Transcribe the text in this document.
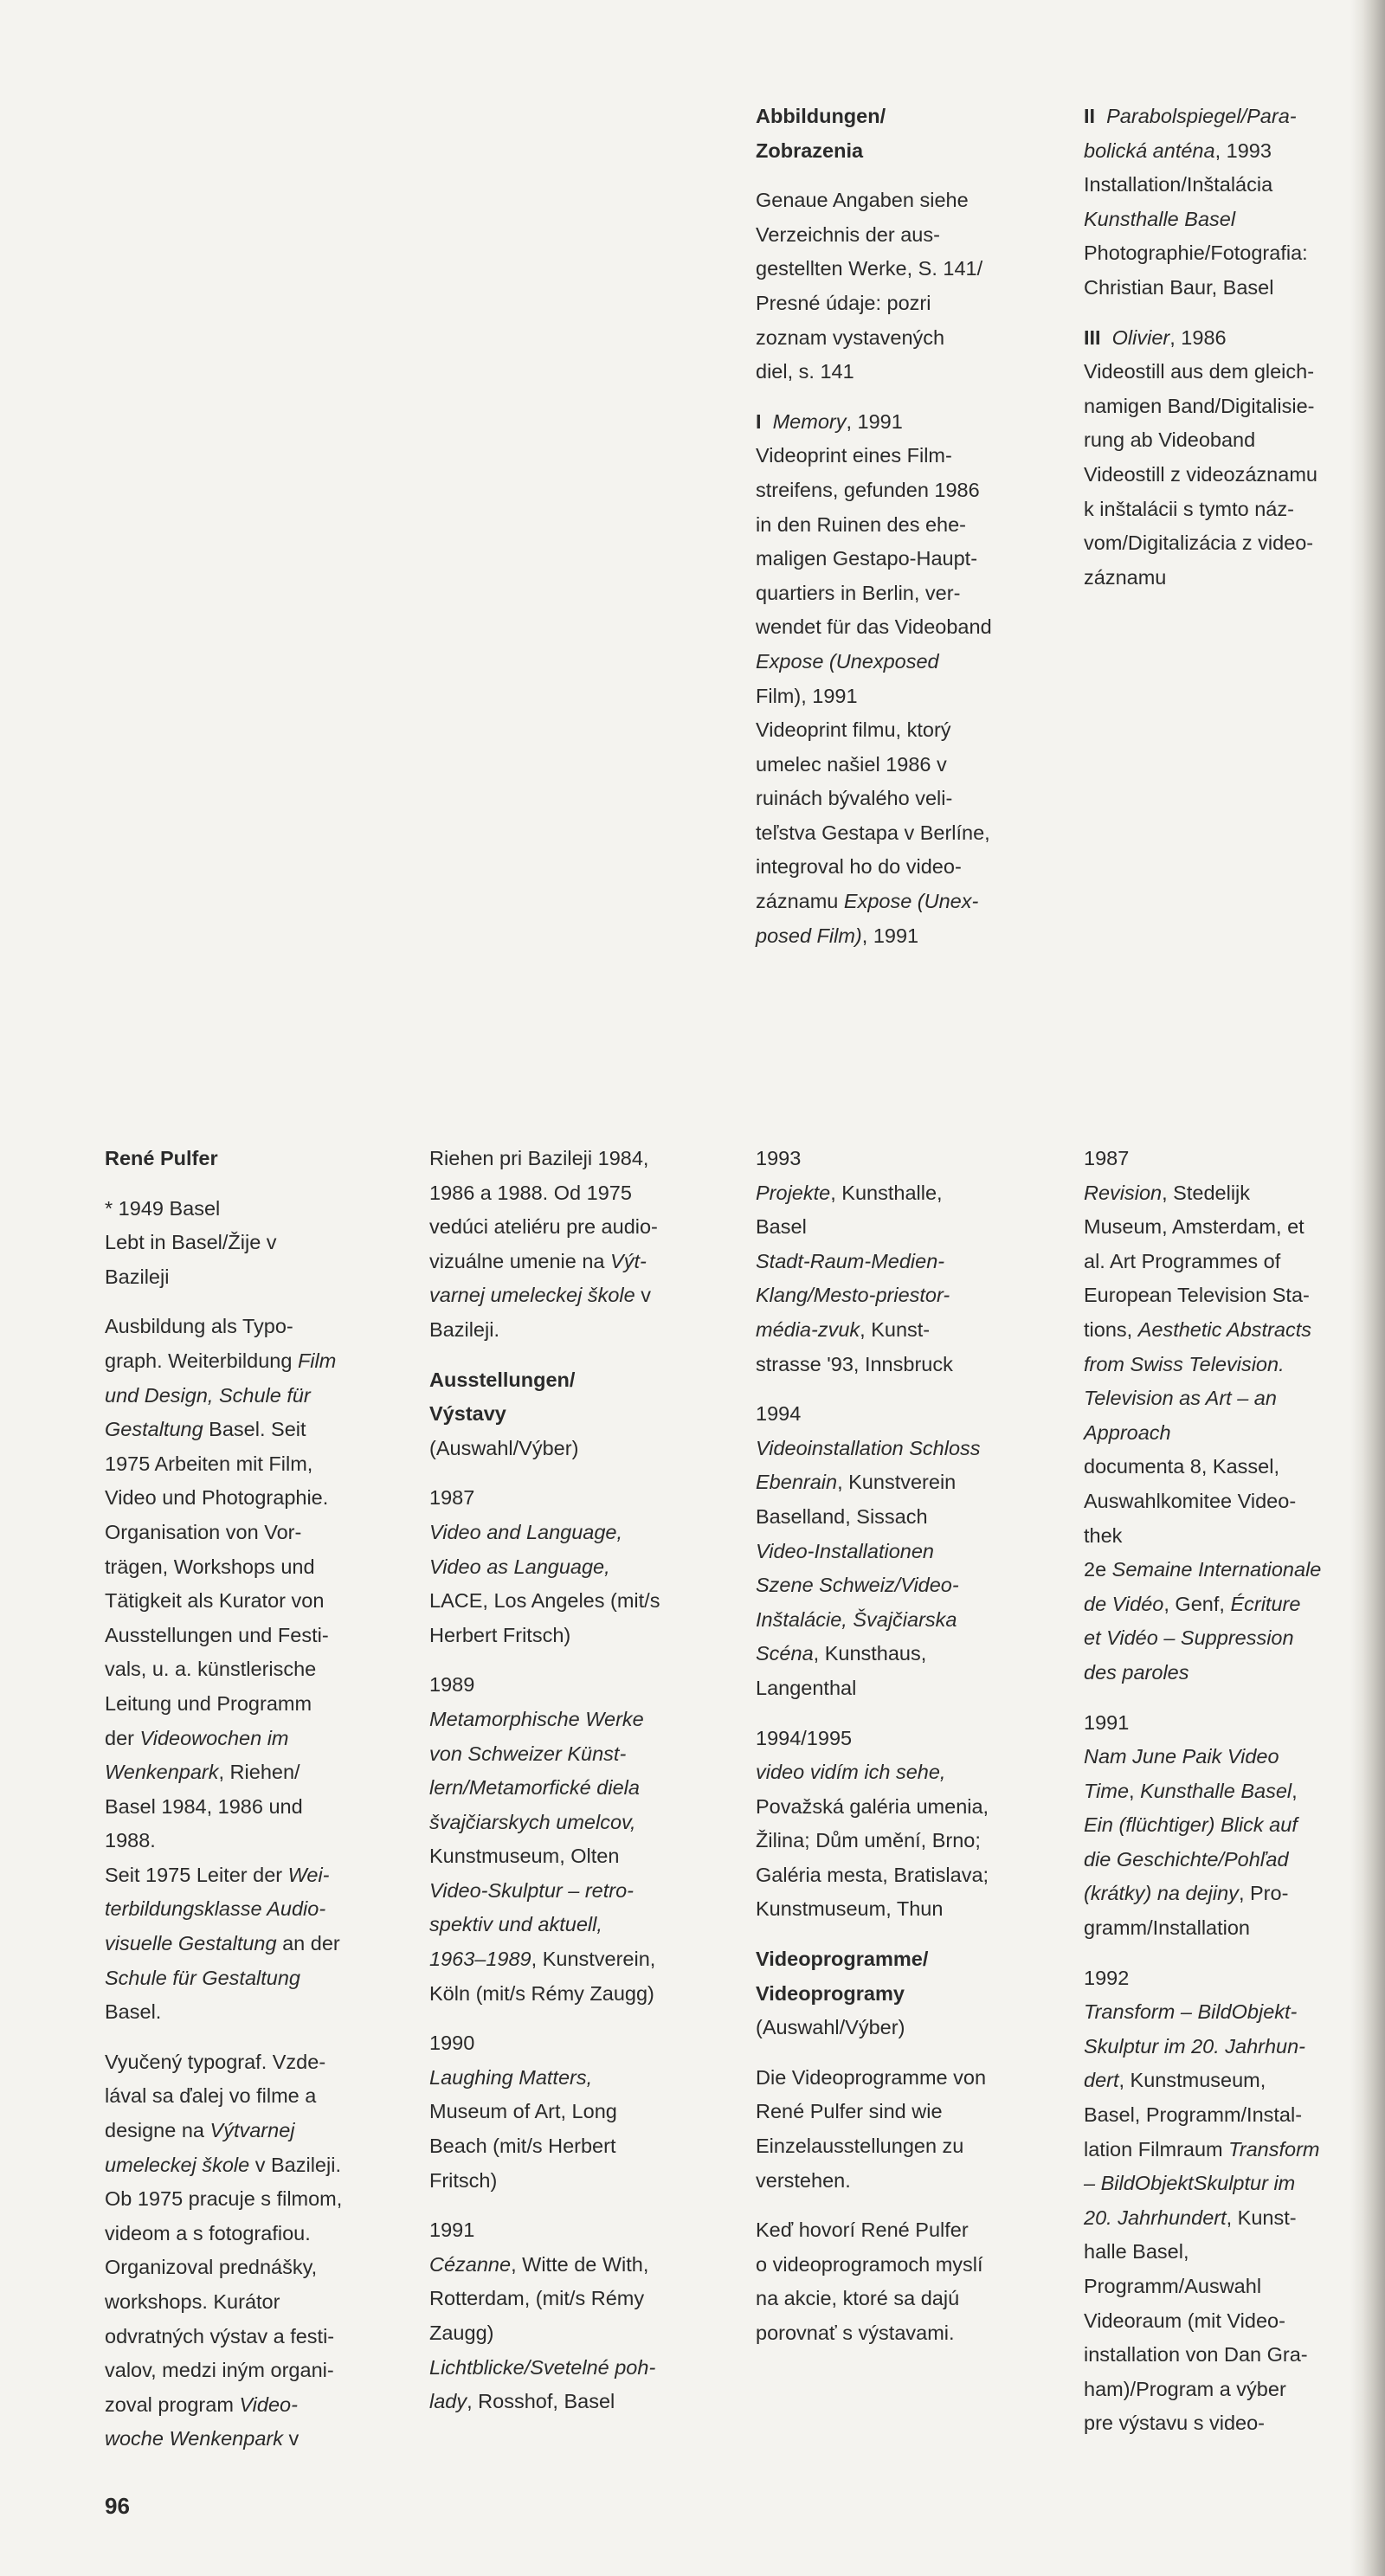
Abbildungen/
Zobrazenia

Genaue Angaben siehe
Verzeichnis der aus-
gestellten Werke, S. 141/
Presné údaje: pozri
zoznam vystavených
diel, s. 141

I Memory, 1991
Videoprint eines Film-
streifens, gefunden 1986
in den Ruinen des ehe-
maligen Gestapo-Haupt-
quartiers in Berlin, ver-
wendet für das Videoband
Expose (Unexposed
Film), 1991
Videoprint filmu, ktorý
umelec našiel 1986 v
ruinách bývalého veli-
teľstva Gestapa v Berlíne,
integroval ho do video-
záznamu Expose (Unex-
posed Film), 1991

II Parabolspiegel/Para-
bolická anténa, 1993
Installation/Inštalácia
Kunsthalle Basel
Photographie/Fotografia:
Christian Baur, Basel

III Olivier, 1986
Videostill aus dem gleich-
namigen Band/Digitalisie-
rung ab Videoband
Videostill z videozáznamu
k inštalácii s tymto náz-
vom/Digitalizácia z video-
záznamu

René Pulfer

* 1949 Basel
Lebt in Basel/Žije v
Bazileji

Ausbildung als Typo-
graph. Weiterbildung Film
und Design, Schule für
Gestaltung Basel. Seit
1975 Arbeiten mit Film,
Video und Photographie.
Organisation von Vor-
trägen, Workshops und
Tätigkeit als Kurator von
Ausstellungen und Festi-
vals, u. a. künstlerische
Leitung und Programm
der Videowochen im
Wenkenpark, Riehen/
Basel 1984, 1986 und
1988.
Seit 1975 Leiter der Wei-
terbildungsklasse Audio-
visuelle Gestaltung an der
Schule für Gestaltung
Basel.

Vyučený typograf. Vzde-
lával sa ďalej vo filme a
designe na Výtvarnej
umeleckej škole v Bazileji.
Ob 1975 pracuje s filmom,
videom a s fotografiou.
Organizoval prednášky,
workshops. Kurátor
odvratných výstav a festi-
valov, medzi iným organi-
zoval program Video-
woche Wenkenpark v

Riehen pri Bazileji 1984,
1986 a 1988. Od 1975
vedúci ateliéru pre audio-
vizuálne umenie na Výt-
varnej umeleckej škole v
Bazileji.

Ausstellungen/
Výstavy

(Auswahl/Výber)

1987
Video and Language,
Video as Language,
LACE, Los Angeles (mit/s
Herbert Fritsch)

1989
Metamorphische Werke
von Schweizer Künst-
lern/Metamorfické diela
švajčiarskych umelcov,
Kunstmuseum, Olten
Video-Skulptur – retro-
spektiv und aktuell,
1963–1989, Kunstverein,
Köln (mit/s Rémy Zaugg)

1990
Laughing Matters,
Museum of Art, Long
Beach (mit/s Herbert
Fritsch)

1991
Cézanne, Witte de With,
Rotterdam, (mit/s Rémy
Zaugg)
Lichtblicke/Svetelné poh-
lady, Rosshof, Basel

1993
Projekte, Kunsthalle,
Basel
Stadt-Raum-Medien-
Klang/Mesto-priestor-
média-zvuk, Kunst-
strasse '93, Innsbruck

1994
Videoinstallation Schloss
Ebenrain, Kunstverein
Baselland, Sissach
Video-Installationen
Szene Schweiz/Video-
Inštalácie, Švajčiarska
Scéna, Kunsthaus,
Langenthal

1994/1995
video vidím ich sehe,
Považská galéria umenia,
Žilina; Dům umění, Brno;
Galéria mesta, Bratislava;
Kunstmuseum, Thun

Videoprogramme/
Videoprogramy

(Auswahl/Výber)

Die Videoprogramme von
René Pulfer sind wie
Einzelausstellungen zu
verstehen.

Keď hovorí René Pulfer
o videoprogramoch myslí
na akcie, ktoré sa dajú
porovnať s výstavami.

1987
Revision, Stedelijk
Museum, Amsterdam, et
al. Art Programmes of
European Television Sta-
tions, Aesthetic Abstracts
from Swiss Television.
Television as Art – an
Approach
documenta 8, Kassel,
Auswahlkomitee Video-
thek
2e Semaine Internationale
de Vidéo, Genf, Écriture
et Vidéo – Suppression
des paroles

1991
Nam June Paik Video
Time, Kunsthalle Basel,
Ein (flüchtiger) Blick auf
die Geschichte/Pohľad
(krátky) na dejiny, Pro-
gramm/Installation

1992
Transform – BildObjekt-
Skulptur im 20. Jahrhun-
dert, Kunstmuseum,
Basel, Programm/Instal-
lation Filmraum Transform
– BildObjektSkulptur im
20. Jahrhundert, Kunst-
halle Basel,
Programm/Auswahl
Videoraum (mit Video-
installation von Dan Gra-
ham)/Program a výber
pre výstavu s video-

96
